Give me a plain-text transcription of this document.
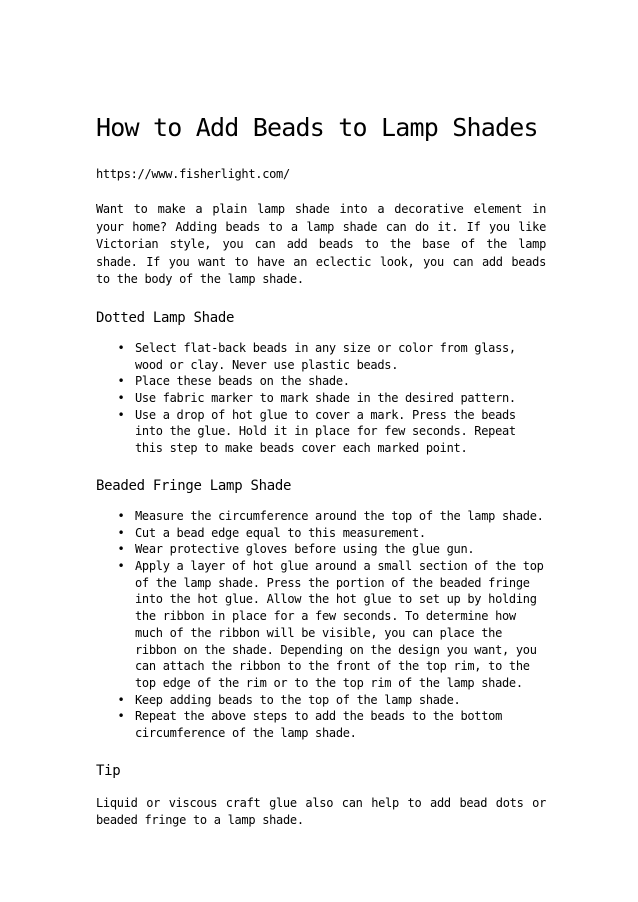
How to Add Beads to Lamp Shades
https://www.fisherlight.com/
Want to make a plain lamp shade into a decorative element in your home? Adding beads to a lamp shade can do it. If you like Victorian style, you can add beads to the base of the lamp shade. If you want to have an eclectic look, you can add beads to the body of the lamp shade.
Dotted Lamp Shade
• Select flat-back beads in any size or color from glass, wood or clay. Never use plastic beads.
• Place these beads on the shade.
• Use fabric marker to mark shade in the desired pattern.
• Use a drop of hot glue to cover a mark. Press the beads into the glue. Hold it in place for few seconds. Repeat this step to make beads cover each marked point.
Beaded Fringe Lamp Shade
• Measure the circumference around the top of the lamp shade.
• Cut a bead edge equal to this measurement.
• Wear protective gloves before using the glue gun.
• Apply a layer of hot glue around a small section of the top of the lamp shade. Press the portion of the beaded fringe into the hot glue. Allow the hot glue to set up by holding the ribbon in place for a few seconds. To determine how much of the ribbon will be visible, you can place the ribbon on the shade. Depending on the design you want, you can attach the ribbon to the front of the top rim, to the top edge of the rim or to the top rim of the lamp shade.
• Keep adding beads to the top of the lamp shade.
• Repeat the above steps to add the beads to the bottom circumference of the lamp shade.
Tip
Liquid or viscous craft glue also can help to add bead dots or beaded fringe to a lamp shade.
